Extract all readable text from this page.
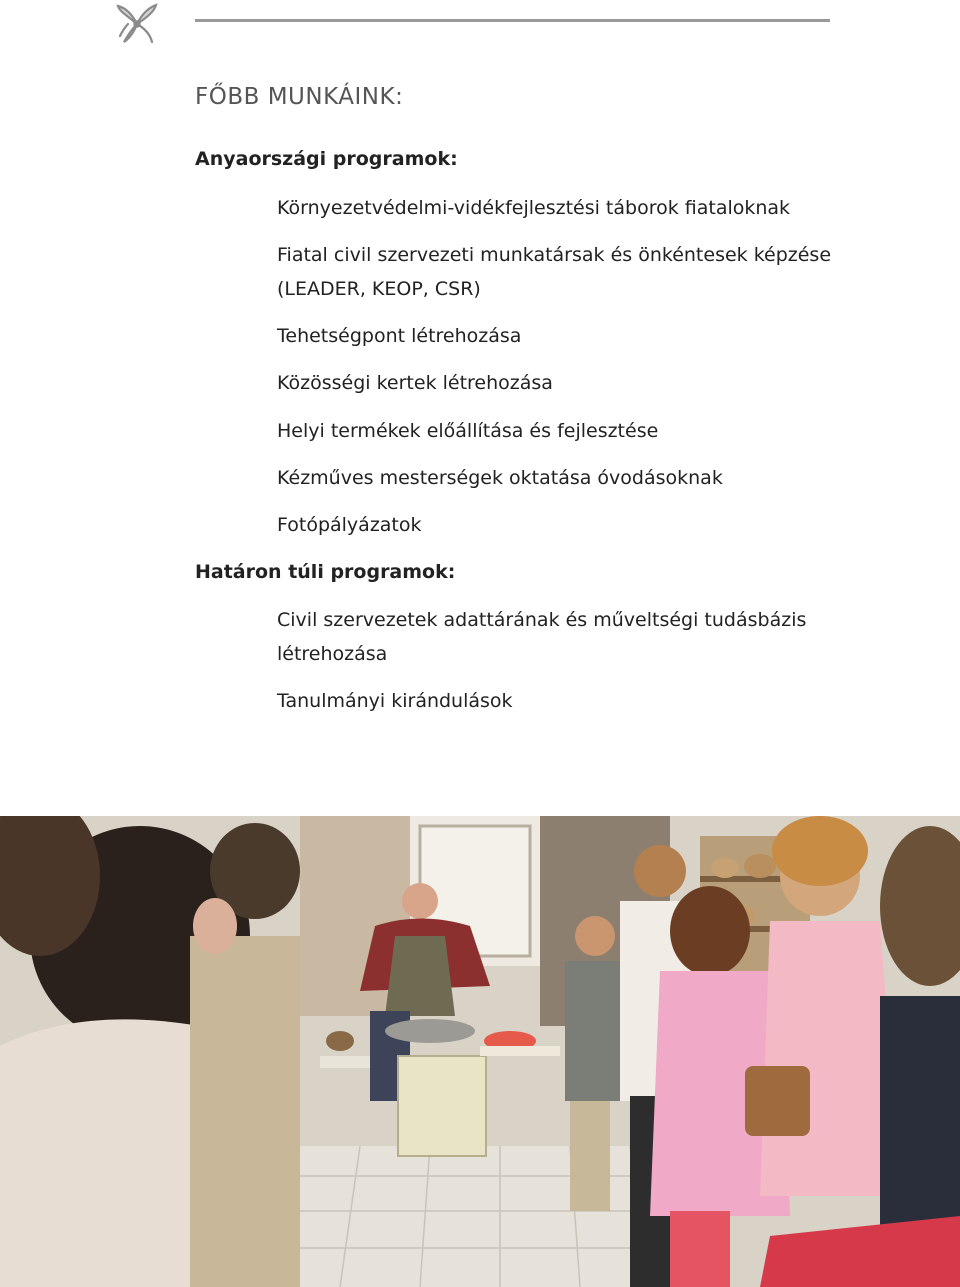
FŐBB MUNKÁINK:
Anyaországi programok:
Környezetvédelmi-vidékfejlesztési táborok fiataloknak
Fiatal civil szervezeti munkatársak és önkéntesek képzése (LEADER, KEOP, CSR)
Tehetségpont létrehozása
Közösségi kertek létrehozása
Helyi termékek előállítása és fejlesztése
Kézműves mesterségek oktatása óvodásoknak
Fotópályázatok
Határon túli programok:
Civil szervezetek adattárának és műveltségi tudásbázis létrehozása
Tanulmányi kirándulások
